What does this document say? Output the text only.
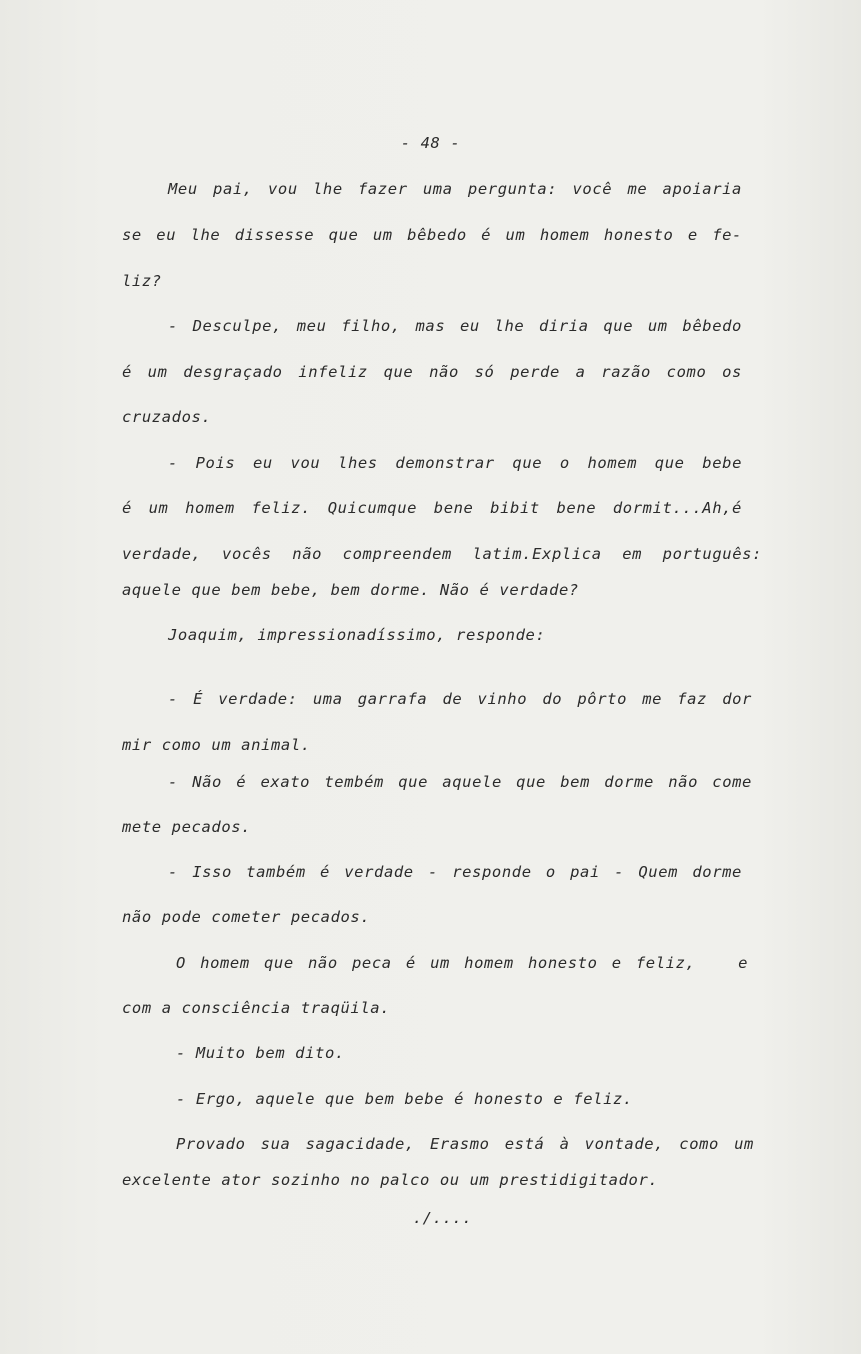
- 48 -
Meu pai, vou lhe fazer uma pergunta: você me apoiaria
se eu lhe dissesse que um bêbedo é um homem honesto e fe-
liz?
- Desculpe, meu filho, mas eu lhe diria que um bêbedo
é um desgraçado infeliz que não só perde a razão como os
cruzados.
- Pois eu vou lhes demonstrar que o homem que bebe
é um homem feliz. Quicumque bene bibit bene dormit...Ah,é
verdade, vocês não compreendem latim.Explica em português:
aquele que bem bebe, bem dorme. Não é verdade?
Joaquim, impressionadíssimo, responde:
- É verdade: uma garrafa de vinho do pôrto me faz dor
mir como um animal.
- Não é exato tembém que aquele que bem dorme não come
mete pecados.
- Isso também é verdade - responde o pai - Quem dorme
não pode cometer pecados.
O homem que não peca é um homem honesto e feliz,   e
com a consciência traqüila.
- Muito bem dito.
- Ergo, aquele que bem bebe é honesto e feliz.
Provado sua sagacidade, Erasmo está à vontade, como um
excelente ator sozinho no palco ou um prestidigitador.
./....
